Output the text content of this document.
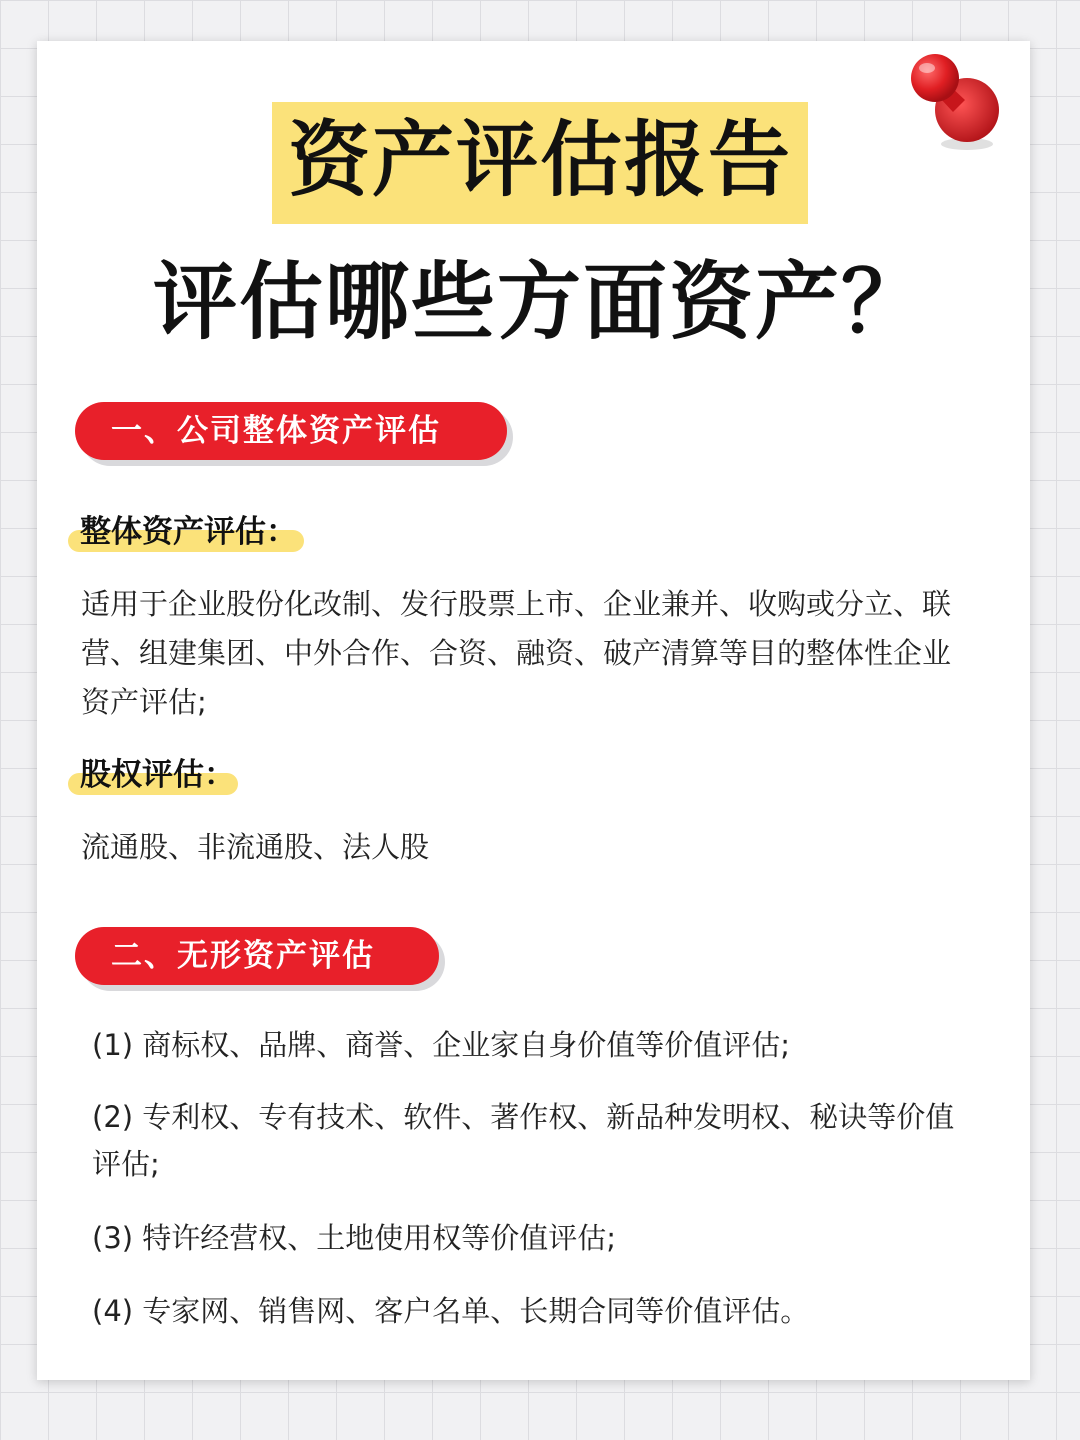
资产评估报告
评估哪些方面资产？
一、公司整体资产评估
整体资产评估：
适用于企业股份化改制、发行股票上市、企业兼并、收购或分立、联营、组建集团、中外合作、合资、融资、破产清算等目的整体性企业资产评估;
股权评估：
流通股、非流通股、法人股
二、无形资产评估
(1) 商标权、品牌、商誉、企业家自身价值等价值评估;
(2) 专利权、专有技术、软件、著作权、新品种发明权、秘诀等价值评估;
(3) 特许经营权、土地使用权等价值评估;
(4) 专家网、销售网、客户名单、长期合同等价值评估。
